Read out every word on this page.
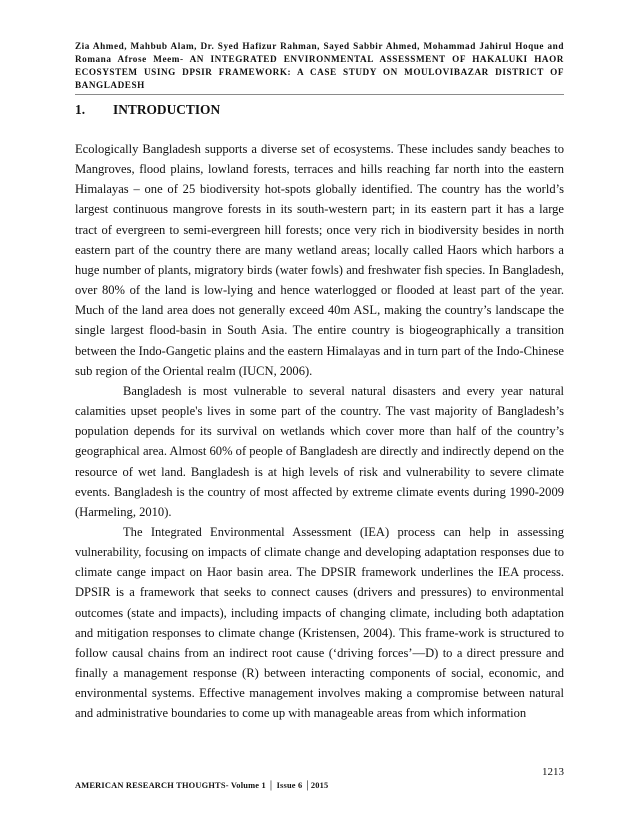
Zia Ahmed, Mahbub Alam, Dr. Syed Hafizur Rahman, Sayed Sabbir Ahmed, Mohammad Jahirul Hoque and Romana Afrose Meem- AN INTEGRATED ENVIRONMENTAL ASSESSMENT OF HAKALUKI HAOR ECOSYSTEM USING DPSIR FRAMEWORK: A CASE STUDY ON MOULOVIBAZAR DISTRICT OF BANGLADESH
1. INTRODUCTION

Ecologically Bangladesh supports a diverse set of ecosystems. These includes sandy beaches to Mangroves, flood plains, lowland forests, terraces and hills reaching far north into the eastern Himalayas – one of 25 biodiversity hot-spots globally identified. The country has the world’s largest continuous mangrove forests in its south-western part; in its eastern part it has a large tract of evergreen to semi-evergreen hill forests; once very rich in biodiversity besides in north eastern part of the country there are many wetland areas; locally called Haors which harbors a huge number of plants, migratory birds (water fowls) and freshwater fish species. In Bangladesh, over 80% of the land is low-lying and hence waterlogged or flooded at least part of the year. Much of the land area does not generally exceed 40m ASL, making the country’s landscape the single largest flood-basin in South Asia. The entire country is biogeographically a transition between the Indo-Gangetic plains and the eastern Himalayas and in turn part of the Indo-Chinese sub region of the Oriental realm (IUCN, 2006).

Bangladesh is most vulnerable to several natural disasters and every year natural calamities upset people's lives in some part of the country. The vast majority of Bangladesh’s population depends for its survival on wetlands which cover more than half of the country’s geographical area. Almost 60% of people of Bangladesh are directly and indirectly depend on the resource of wet land. Bangladesh is at high levels of risk and vulnerability to severe climate events. Bangladesh is the country of most affected by extreme climate events during 1990-2009 (Harmeling, 2010).

The Integrated Environmental Assessment (IEA) process can help in assessing vulnerability, focusing on impacts of climate change and developing adaptation responses due to climate cange impact on Haor basin area. The DPSIR framework underlines the IEA process. DPSIR is a framework that seeks to connect causes (drivers and pressures) to environmental outcomes (state and impacts), including impacts of changing climate, including both adaptation and mitigation responses to climate change (Kristensen, 2004). This frame-work is structured to follow causal chains from an indirect root cause (‘driving forces’—D) to a direct pressure and finally a management response (R) between interacting components of social, economic, and environmental systems. Effective management involves making a compromise between natural and administrative boundaries to come up with manageable areas from which information

1213
AMERICAN RESEARCH THOUGHTS- Volume 1 │ Issue 6 │2015
